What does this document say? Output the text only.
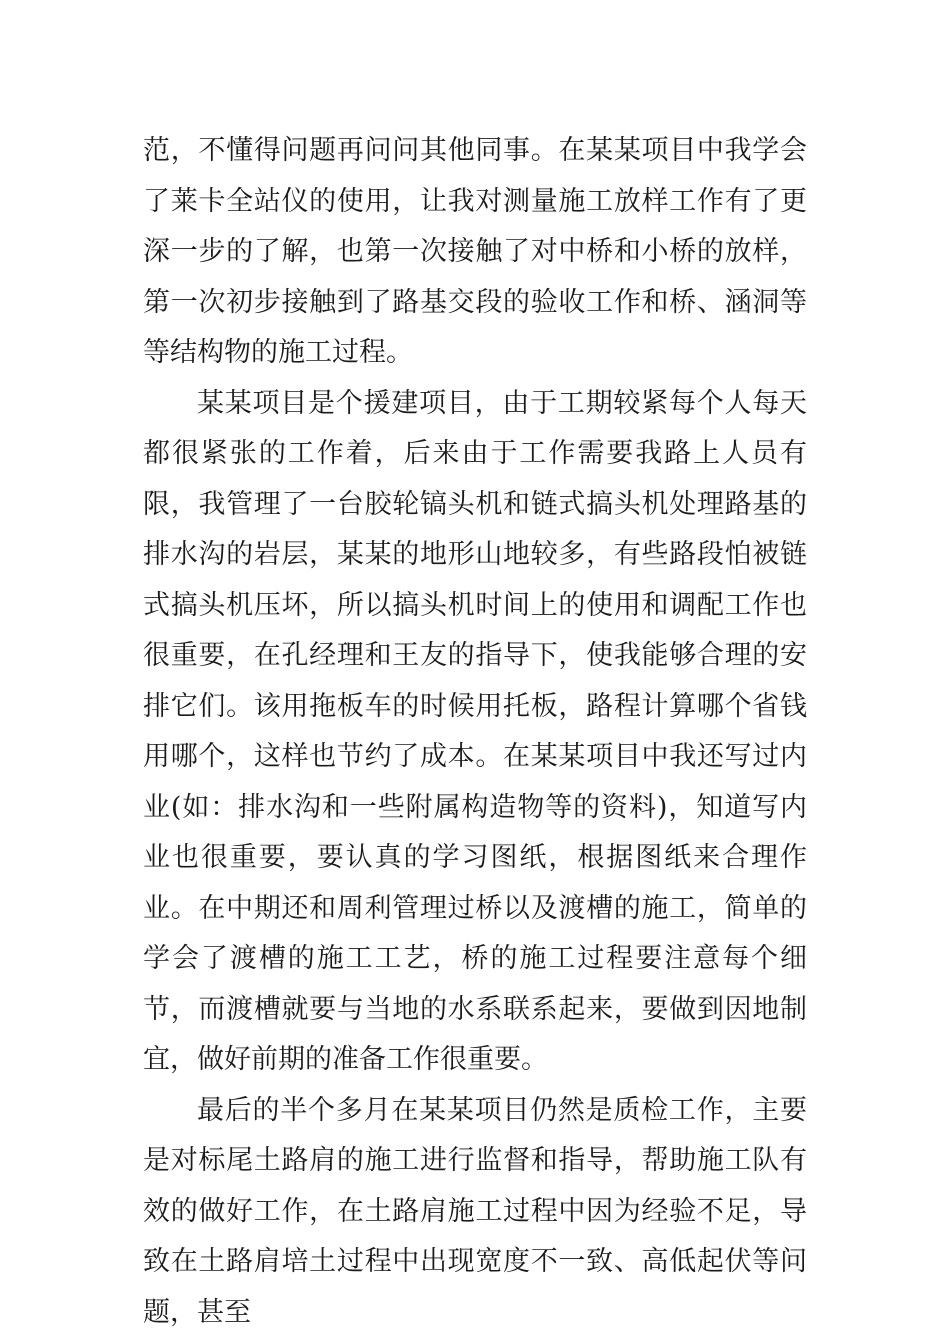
范，不懂得问题再问问其他同事。在某某项目中我学会了莱卡全站仪的使用，让我对测量施工放样工作有了更深一步的了解，也第一次接触了对中桥和小桥的放样，第一次初步接触到了路基交段的验收工作和桥、涵洞等等结构物的施工过程。

某某项目是个援建项目，由于工期较紧每个人每天都很紧张的工作着，后来由于工作需要我路上人员有限，我管理了一台胶轮镐头机和链式搞头机处理路基的排水沟的岩层，某某的地形山地较多，有些路段怕被链式搞头机压坏，所以搞头机时间上的使用和调配工作也很重要，在孔经理和王友的指导下，使我能够合理的安排它们。该用拖板车的时候用托板，路程计算哪个省钱用哪个，这样也节约了成本。在某某项目中我还写过内业(如：排水沟和一些附属构造物等的资料)，知道写内业也很重要，要认真的学习图纸，根据图纸来合理作业。在中期还和周利管理过桥以及渡槽的施工，简单的学会了渡槽的施工工艺，桥的施工过程要注意每个细节，而渡槽就要与当地的水系联系起来，要做到因地制宜，做好前期的准备工作很重要。

最后的半个多月在某某项目仍然是质检工作，主要是对标尾土路肩的施工进行监督和指导，帮助施工队有效的做好工作，在土路肩施工过程中因为经验不足，导致在土路肩培土过程中出现宽度不一致、高低起伏等问题，甚至
